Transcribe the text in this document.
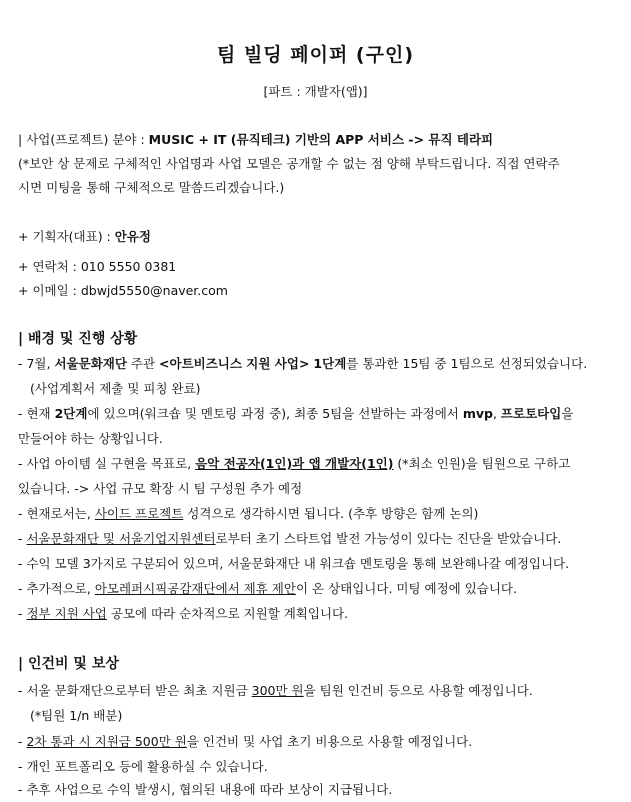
팀 빌딩 페이퍼 (구인)
[파트 : 개발자(앱)]
| 사업(프로젝트) 분야 : MUSIC + IT (뮤직테크) 기반의 APP 서비스 -> 뮤직 테라피
(*보안 상 문제로 구체적인 사업명과 사업 모델은 공개할 수 없는 점 양해 부탁드립니다. 직접 연락주
시면 미팅을 통해 구체적으로 말씀드리겠습니다.)
+ 기획자(대표) : 안유정
+ 연락처 : 010 5550 0381
+ 이메일 : dbwjd5550@naver.com
| 배경 및 진행 상황
- 7월, 서울문화재단 주관 <아트비즈니스 지원 사업> 1단계를 통과한 15팀 중 1팀으로 선정되었습니다.
(사업계획서 제출 및 피칭 완료)
- 현재 2단계에 있으며(워크숍 및 멘토링 과정 중), 최종 5팀을 선발하는 과정에서 mvp, 프로토타입을
만들어야 하는 상황입니다.
- 사업 아이템 실 구현을 목표로, 음악 전공자(1인)과 앱 개발자(1인) (*최소 인원)을 팀원으로 구하고
있습니다. -> 사업 규모 확장 시 팀 구성원 추가 예정
- 현재로서는, 사이드 프로젝트 성격으로 생각하시면 됩니다. (추후 방향은 함께 논의)
- 서울문화재단 및 서울기업지원센터로부터 초기 스타트업 발전 가능성이 있다는 진단을 받았습니다.
- 수익 모델 3가지로 구분되어 있으며, 서울문화재단 내 워크숍 멘토링을 통해 보완해나갈 예정입니다.
- 추가적으로, 아모레퍼시픽공감재단에서 제휴 제안이 온 상태입니다. 미팅 예정에 있습니다.
- 정부 지원 사업 공모에 따라 순차적으로 지원할 계획입니다.
| 인건비 및 보상
- 서울 문화재단으로부터 받은 최초 지원금 300만 원을 팀원 인건비 등으로 사용할 예정입니다.
(*팀원 1/n 배분)
- 2차 통과 시 지원금 500만 원을 인건비 및 사업 초기 비용으로 사용할 예정입니다.
- 개인 포트폴리오 등에 활용하실 수 있습니다.
- 추후 사업으로 수익 발생시, 협의된 내용에 따라 보상이 지급됩니다.
